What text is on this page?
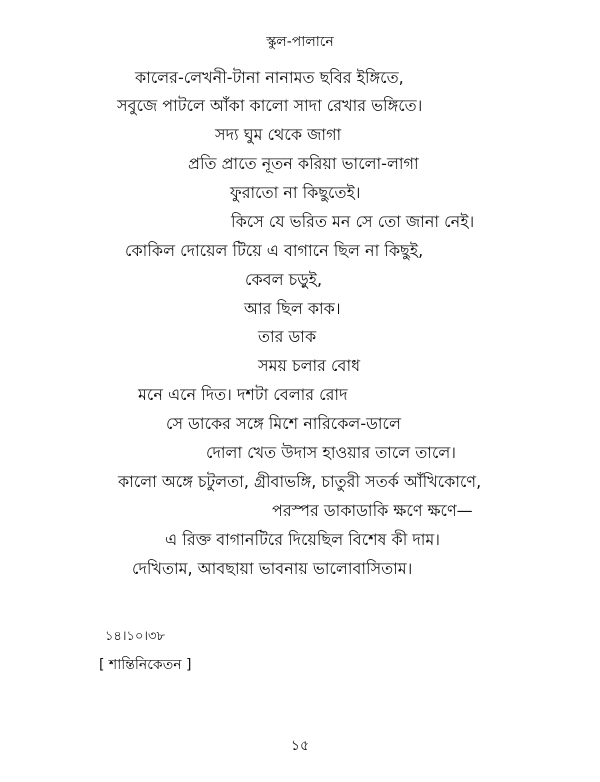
স্কুল-পালানে
কালের-লেখনী-টানা নানামত ছবির ইঙ্গিতে,
সবুজে পাটলে আঁকা কালো সাদা রেখার ভঙ্গিতে।
সদ্য ঘুম থেকে জাগা
প্রতি প্রাতে নূতন করিয়া ভালো-লাগা
ফুরাতো না কিছুতেই।
কিসে যে ভরিত মন সে তো জানা নেই।
কোকিল দোয়েল টিয়ে এ বাগানে ছিল না কিছুই,
কেবল চড়ুই,
আর ছিল কাক।
তার ডাক
সময় চলার বোধ
মনে এনে দিত। দশটা বেলার রোদ
সে ডাকের সঙ্গে মিশে নারিকেল-ডালে
দোলা খেত উদাস হাওয়ার তালে তালে।
কালো অঙ্গে চটুলতা, গ্রীবাভঙ্গি, চাতুরী সতর্ক আঁখিকোণে,
পরস্পর ডাকাডাকি ক্ষণে ক্ষণে—
এ রিক্ত বাগানটিরে দিয়েছিল বিশেষ কী দাম।
দেখিতাম, আবছায়া ভাবনায় ভালোবাসিতাম।
১৪।১০।৩৮
[ শান্তিনিকেতন ]
১৫
